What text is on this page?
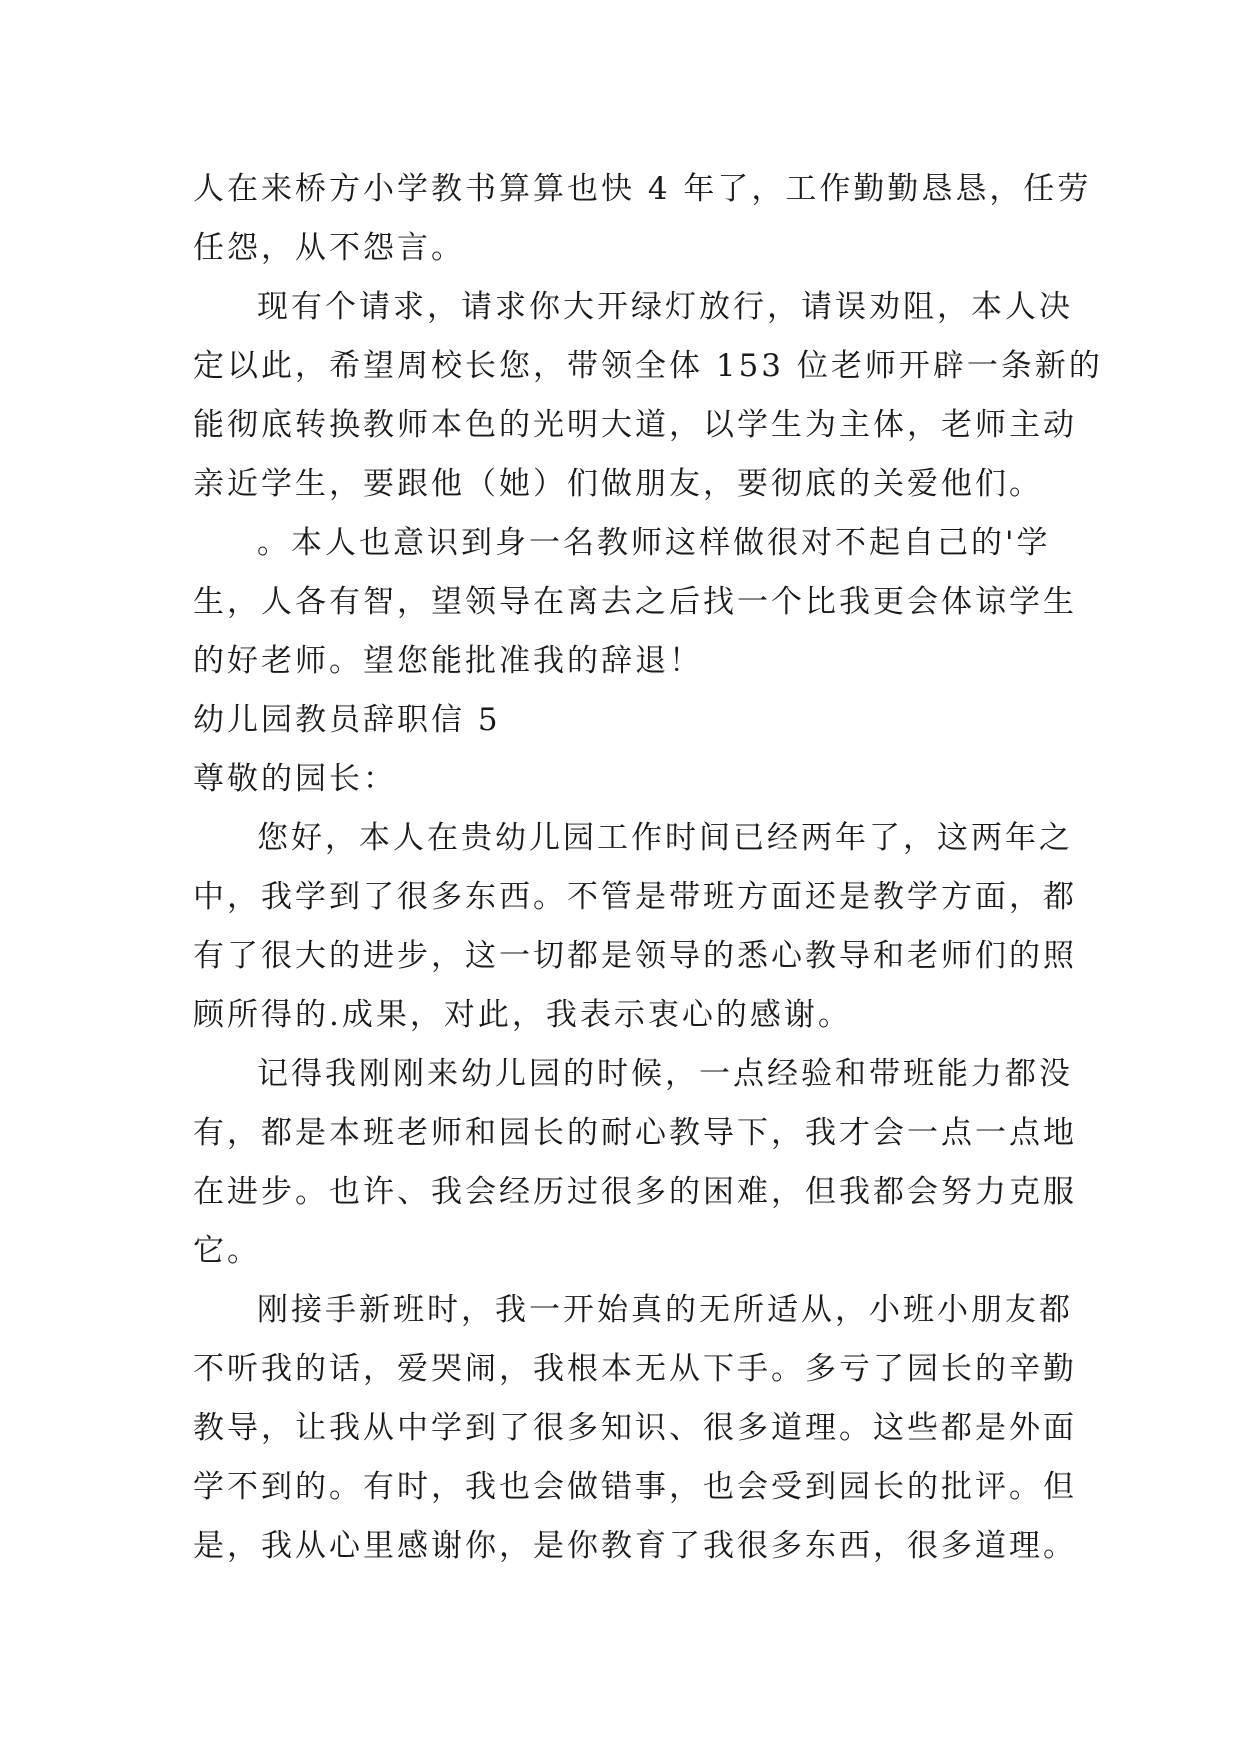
人在来桥方小学教书算算也快 4 年了，工作勤勤恳恳，任劳
任怨，从不怨言。
现有个请求，请求你大开绿灯放行，请误劝阻，本人决
定以此，希望周校长您，带领全体 153 位老师开辟一条新的
能彻底转换教师本色的光明大道，以学生为主体，老师主动
亲近学生，要跟他（她）们做朋友，要彻底的关爱他们。
。本人也意识到身一名教师这样做很对不起自己的'学
生，人各有智，望领导在离去之后找一个比我更会体谅学生
的好老师。望您能批准我的辞退！
幼儿园教员辞职信 5
尊敬的园长：
您好，本人在贵幼儿园工作时间已经两年了，这两年之
中，我学到了很多东西。不管是带班方面还是教学方面，都
有了很大的进步，这一切都是领导的悉心教导和老师们的照
顾所得的.成果，对此，我表示衷心的感谢。
记得我刚刚来幼儿园的时候，一点经验和带班能力都没
有，都是本班老师和园长的耐心教导下，我才会一点一点地
在进步。也许、我会经历过很多的困难，但我都会努力克服
它。
刚接手新班时，我一开始真的无所适从，小班小朋友都
不听我的话，爱哭闹，我根本无从下手。多亏了园长的辛勤
教导，让我从中学到了很多知识、很多道理。这些都是外面
学不到的。有时，我也会做错事，也会受到园长的批评。但
是，我从心里感谢你，是你教育了我很多东西，很多道理。
